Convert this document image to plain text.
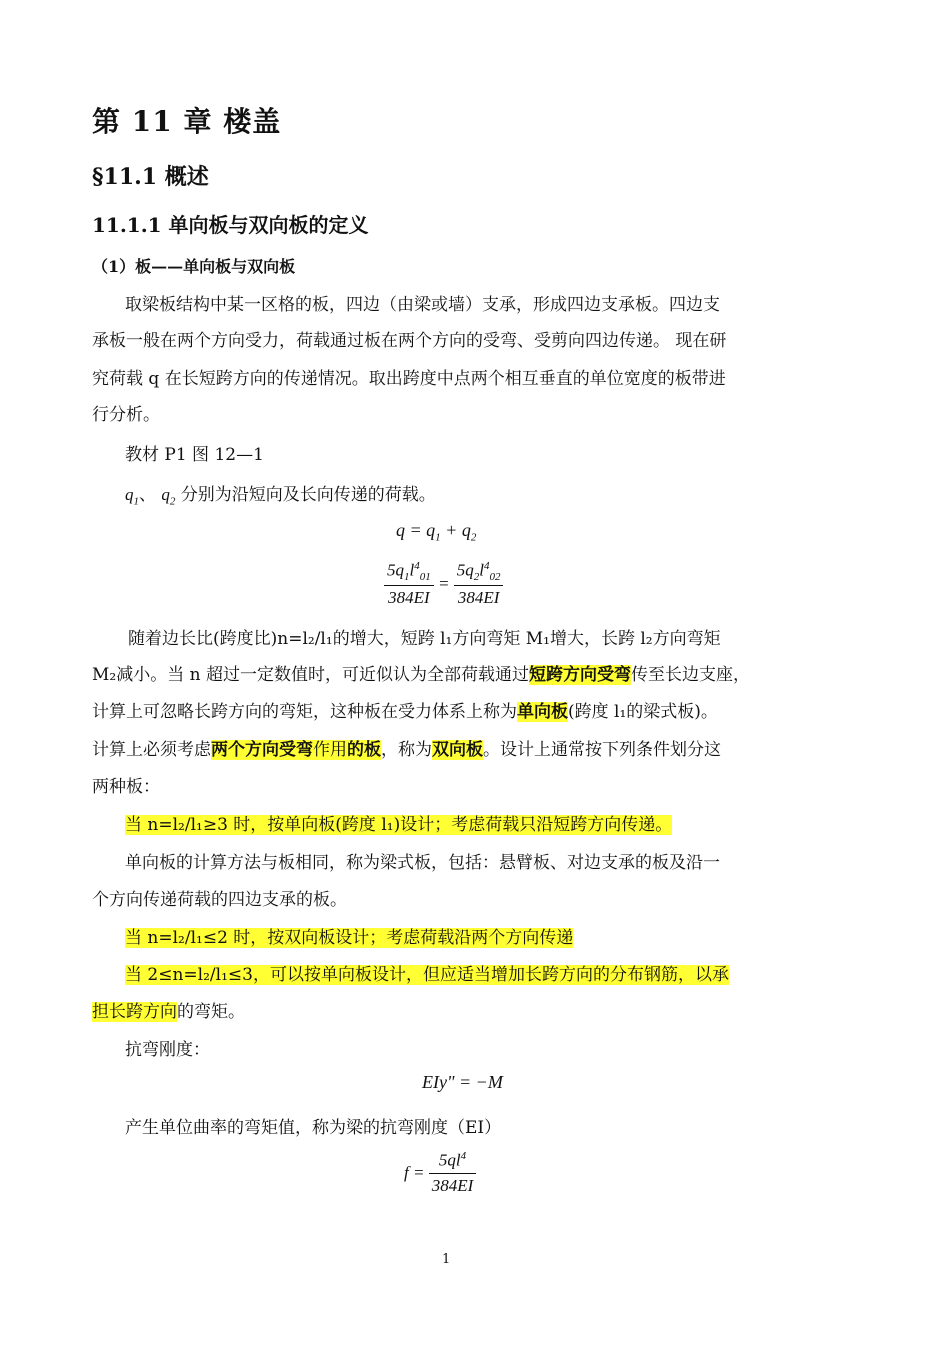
第 11 章 楼盖
§11.1 概述
11.1.1 单向板与双向板的定义
（1）板——单向板与双向板
取梁板结构中某一区格的板，四边（由梁或墙）支承，形成四边支承板。四边支
承板一般在两个方向受力，荷载通过板在两个方向的受弯、受剪向四边传递。 现在研
究荷载 q 在长短跨方向的传递情况。取出跨度中点两个相互垂直的单位宽度的板带进
行分析。
教材 P1 图 12—1
$q_1$、 $q_2$ 分别为沿短向及长向传递的荷载。
$q = q_1 + q_2$
$\frac{5q_1l^4_{01}}{384EI} = \frac{5q_2l^4_{02}}{384EI}$
随着边长比(跨度比)n=l₂/l₁的增大，短跨 l₁方向弯矩 M₁增大，长跨 l₂方向弯矩
M₂减小。当 n 超过一定数值时，可近似认为全部荷载通过短跨方向受弯传至长边支座，
计算上可忽略长跨方向的弯矩，这种板在受力体系上称为单向板(跨度 l₁的梁式板)。
计算上必须考虑两个方向受弯作用的板，称为双向板。设计上通常按下列条件划分这
两种板：
当 n=l₂/l₁≥3 时，按单向板(跨度 l₁)设计；考虑荷载只沿短跨方向传递。
单向板的计算方法与板相同，称为梁式板，包括：悬臂板、对边支承的板及沿一
个方向传递荷载的四边支承的板。
当 n=l₂/l₁≤2 时，按双向板设计；考虑荷载沿两个方向传递
当 2≤n=l₂/l₁≤3，可以按单向板设计，但应适当增加长跨方向的分布钢筋，以承
担长跨方向的弯矩。
抗弯刚度：
EIy" = −M
产生单位曲率的弯矩值，称为梁的抗弯刚度（EI）
$f = \frac{5ql^4}{384EI}$
1
